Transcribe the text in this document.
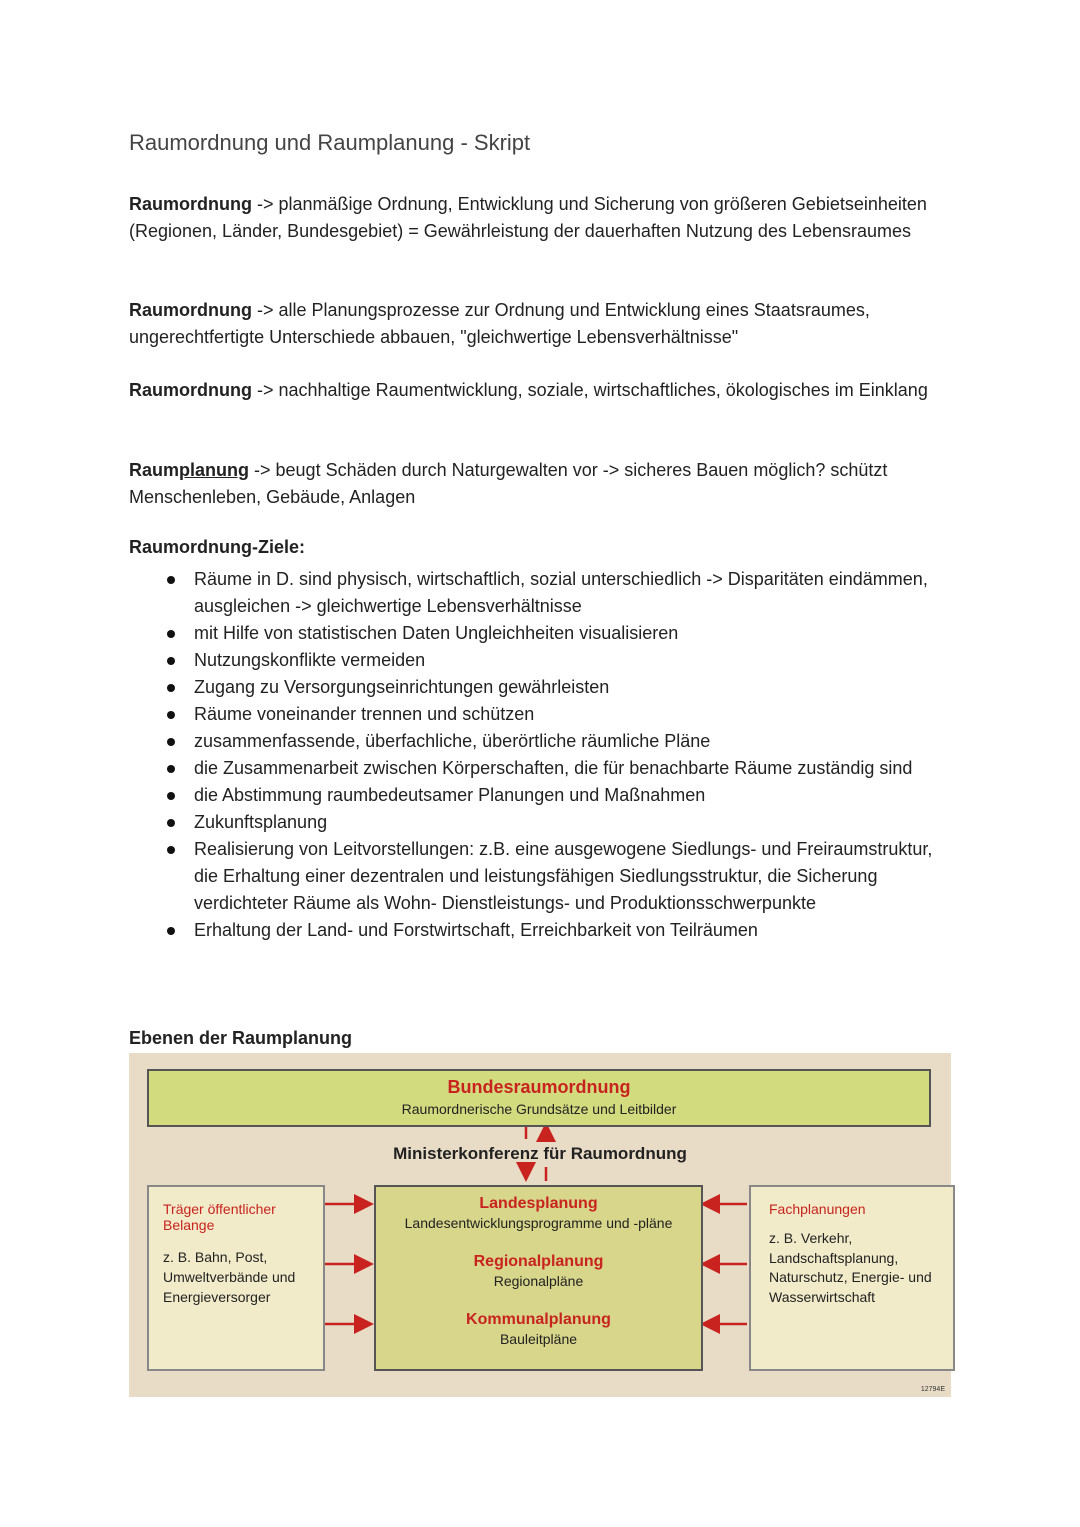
Raumordnung und Raumplanung - Skript

Raumordnung -> planmäßige Ordnung, Entwicklung und Sicherung von größeren Gebietseinheiten (Regionen, Länder, Bundesgebiet) = Gewährleistung der dauerhaften Nutzung des Lebensraumes

Raumordnung -> alle Planungsprozesse zur Ordnung und Entwicklung eines Staatsraumes, ungerechtfertigte Unterschiede abbauen, "gleichwertige Lebensverhältnisse"

Raumordnung -> nachhaltige Raumentwicklung, soziale, wirtschaftliches, ökologisches im Einklang

Raumplanung -> beugt Schäden durch Naturgewalten vor -> sicheres Bauen möglich? schützt Menschenleben, Gebäude, Anlagen

Raumordnung-Ziele:
Räume in D. sind physisch, wirtschaftlich, sozial unterschiedlich -> Disparitäten eindämmen, ausgleichen -> gleichwertige Lebensverhältnisse
mit Hilfe von statistischen Daten Ungleichheiten visualisieren
Nutzungskonflikte vermeiden
Zugang zu Versorgungseinrichtungen gewährleisten
Räume voneinander trennen und schützen
zusammenfassende, überfachliche, überörtliche räumliche Pläne
die Zusammenarbeit zwischen Körperschaften, die für benachbarte Räume zuständig sind
die Abstimmung raumbedeutsamer Planungen und Maßnahmen
Zukunftsplanung
Realisierung von Leitvorstellungen: z.B. eine ausgewogene Siedlungs- und Freiraumstruktur, die Erhaltung einer dezentralen und leistungsfähigen Siedlungsstruktur, die Sicherung verdichteter Räume als Wohn- Dienstleistungs- und Produktionsschwerpunkte
Erhaltung der Land- und Forstwirtschaft, Erreichbarkeit von Teilräumen
Ebenen der Raumplanung
Bundesraumordnung
Raumordnerische Grundsätze und Leitbilder
Ministerkonferenz für Raumordnung
Träger öffentlicher Belange
z. B. Bahn, Post, Umweltverbände und Energieversorger
Landesplanung
Landesentwicklungsprogramme und -pläne
Regionalplanung
Regionalpläne
Kommunalplanung
Bauleitpläne
Fachplanungen
z. B. Verkehr, Landschaftsplanung, Naturschutz, Energie- und Wasserwirtschaft
12794E
